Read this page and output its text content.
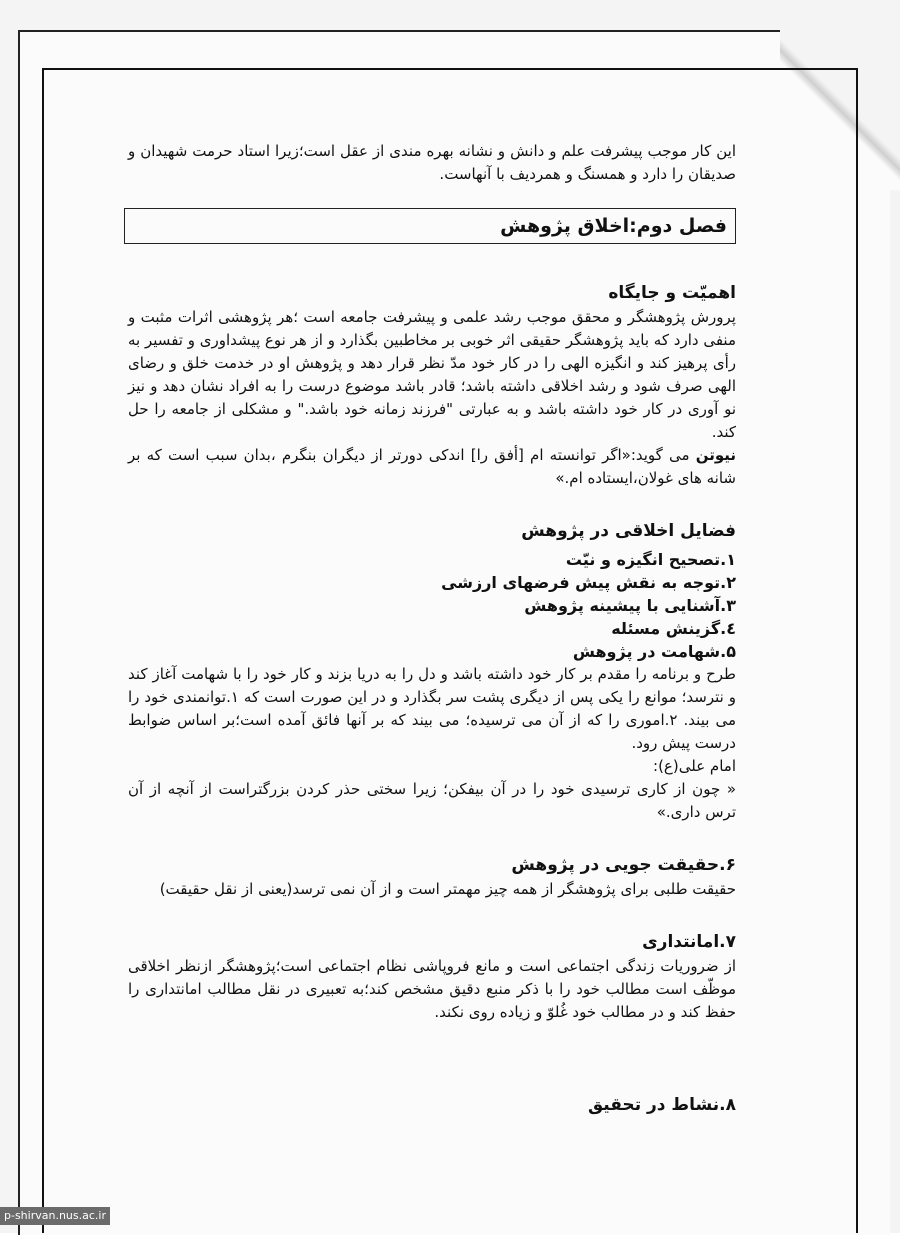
این کار موجب پیشرفت علم و دانش و نشانه بهره مندی از عقل است؛زیرا استاد حرمت شهیدان و صدیقان را دارد و همسنگ و همردیف با آنهاست.

فصل دوم:اخلاق پژوهش
اهمیّت و جایگاه

پرورش پژوهشگر و محقق موجب رشد علمی و پیشرفت جامعه است ؛هر پژوهشی اثرات مثبت و منفی دارد که باید پژوهشگر حقیقی اثر خوبی بر مخاطبین بگذارد و از هر نوع پیشداوری و تفسیر به رأی پرهیز کند و انگیزه الهی را در کار خود مدّ نظر قرار دهد و پژوهش او در خدمت خلق و رضای الهی صرف شود و رشد اخلاقی داشته باشد؛ قادر باشد موضوع درست را به افراد نشان دهد و نیز نو آوری در کار خود داشته باشد و به عبارتی "فرزند زمانه خود باشد." و مشکلی از جامعه را حل کند.

نیوتن می گوید:«اگر توانسته ام [أفق را] اندکی دورتر از دیگران بنگرم ،بدان سبب است که بر شانه های غولان،ایستاده ام.»

فضایل اخلاقی در پژوهش
۱.تصحیح انگیزه و نیّت
۲.توجه به نقش پیش فرضهای ارزشی
۳.آشنایی با پیشینه پژوهش
٤.گزینش مسئله
۵.شهامت در پژوهش

طرح و برنامه را مقدم بر کار خود داشته باشد و دل را به دریا بزند و کار خود را با شهامت آغاز کند و نترسد؛ موانع را یکی پس از دیگری پشت سر بگذارد و در این صورت است که ۱.توانمندی خود را می بیند. ۲.اموری را که از آن می ترسیده؛ می بیند که بر آنها فائق آمده است؛بر اساس ضوابط درست پیش رود.

امام علی(ع):

« چون از کاری ترسیدی خود را در آن بیفکن؛ زیرا سختی حذر کردن بزرگتراست از آنچه از آن ترس داری.»

۶.حقیقت جویی در پژوهش

حقیقت طلبی برای پژوهشگر از همه چیز مهمتر است و از آن نمی ترسد(یعنی از نقل حقیقت)

۷.امانتداری

از ضروریات زندگی اجتماعی است و مانع فروپاشی نظام اجتماعی است؛پژوهشگر ازنظر اخلاقی موظّف است مطالب خود را با ذکر منبع دقیق مشخص کند؛به تعبیری در نقل مطالب امانتداری را حفظ کند و در مطالب خود غُلوّ و زیاده روی نکند.

۸.نشاط در تحقیق
p-shirvan.nus.ac.ir
